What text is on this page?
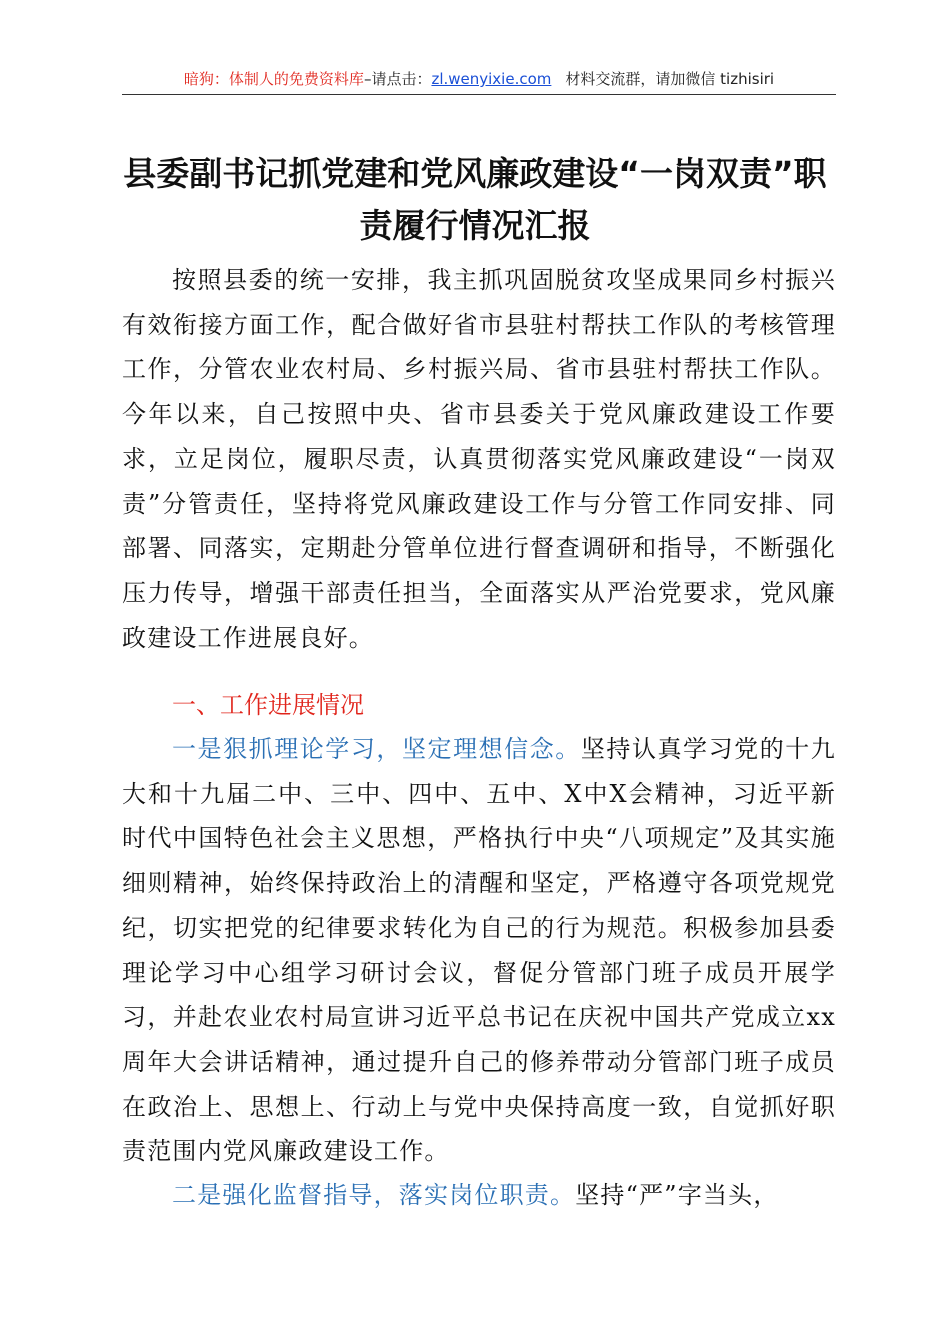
暗狗：体制人的免费资料库–请点击：zl.wenyixie.com 材料交流群，请加微信 tizhisiri
县委副书记抓党建和党风廉政建设“一岗双责”职责履行情况汇报

按照县委的统一安排，我主抓巩固脱贫攻坚成果同乡村振兴有效衔接方面工作，配合做好省市县驻村帮扶工作队的考核管理工作，分管农业农村局、乡村振兴局、省市县驻村帮扶工作队。今年以来，自己按照中央、省市县委关于党风廉政建设工作要求，立足岗位，履职尽责，认真贯彻落实党风廉政建设“一岗双责”分管责任，坚持将党风廉政建设工作与分管工作同安排、同部署、同落实，定期赴分管单位进行督查调研和指导，不断强化压力传导，增强干部责任担当，全面落实从严治党要求，党风廉政建设工作进展良好。

一、工作进展情况

一是狠抓理论学习，坚定理想信念。坚持认真学习党的十九大和十九届二中、三中、四中、五中、X中X会精神，习近平新时代中国特色社会主义思想，严格执行中央“八项规定”及其实施细则精神，始终保持政治上的清醒和坚定，严格遵守各项党规党纪，切实把党的纪律要求转化为自己的行为规范。积极参加县委理论学习中心组学习研讨会议，督促分管部门班子成员开展学习，并赴农业农村局宣讲习近平总书记在庆祝中国共产党成立xx周年大会讲话精神，通过提升自己的修养带动分管部门班子成员在政治上、思想上、行动上与党中央保持高度一致，自觉抓好职责范围内党风廉政建设工作。

二是强化监督指导，落实岗位职责。坚持“严”字当头，
